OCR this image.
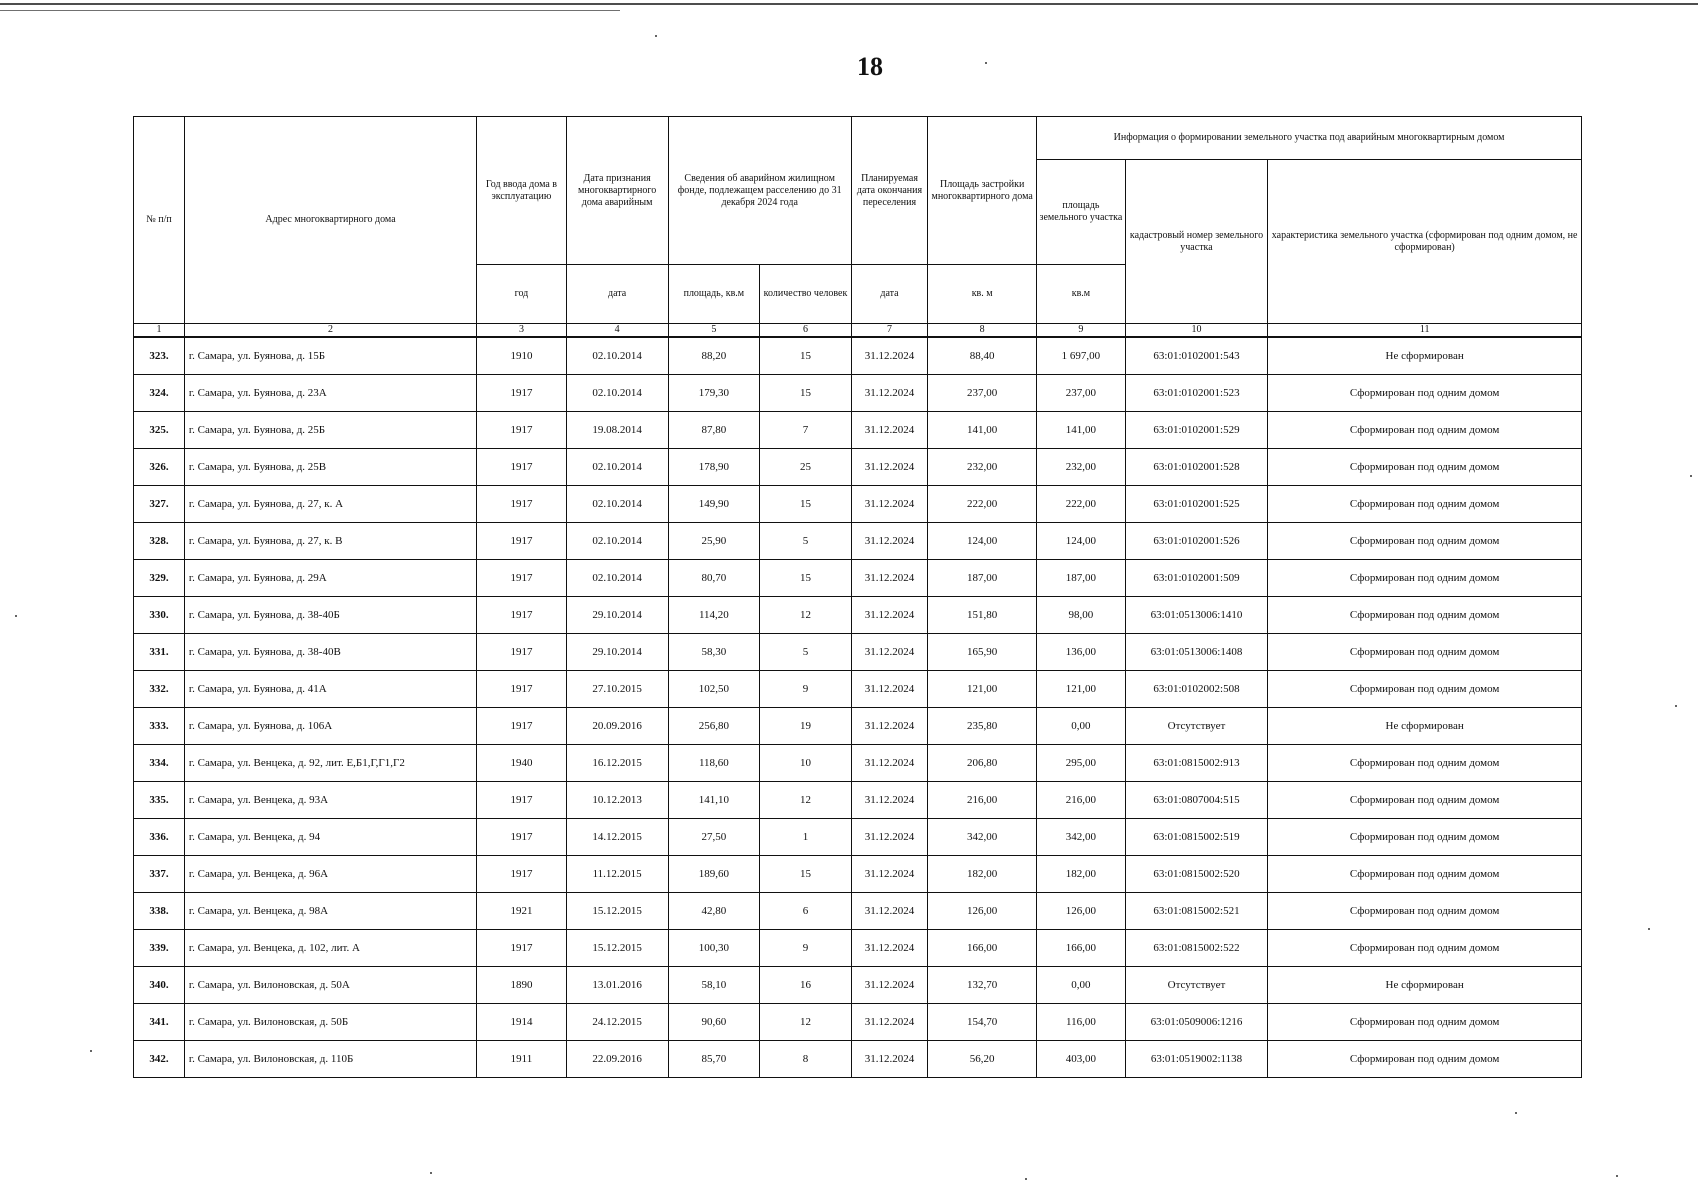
18
№ п/п	Адрес многоквартирного дома	Год ввода дома в эксплуатацию	Дата признания многоквартирного дома аварийным	Сведения об аварийном жилищном фонде, подлежащем расселению до 31 декабря 2024 года		Планируемая дата окончания переселения	Площадь застройки многоквартирного дома	Информация о формировании земельного участка под аварийным многоквартирным домом		
								площадь земельного участка	кадастровый номер земельного участка	характеристика земельного участка (сформирован под одним домом, не сформирован)
		год	дата	площадь, кв.м	количество человек	дата	кв. м	кв.м		
1	2	3	4	5	6	7	8	9	10	11
323.	г. Самара, ул. Буянова, д. 15Б	1910	02.10.2014	88,20	15	31.12.2024	88,40	1 697,00	63:01:0102001:543	Не сформирован
324.	г. Самара, ул. Буянова, д. 23А	1917	02.10.2014	179,30	15	31.12.2024	237,00	237,00	63:01:0102001:523	Сформирован под одним домом
325.	г. Самара, ул. Буянова, д. 25Б	1917	19.08.2014	87,80	7	31.12.2024	141,00	141,00	63:01:0102001:529	Сформирован под одним домом
326.	г. Самара, ул. Буянова, д. 25В	1917	02.10.2014	178,90	25	31.12.2024	232,00	232,00	63:01:0102001:528	Сформирован под одним домом
327.	г. Самара, ул. Буянова, д. 27, к. А	1917	02.10.2014	149,90	15	31.12.2024	222,00	222,00	63:01:0102001:525	Сформирован под одним домом
328.	г. Самара, ул. Буянова, д. 27, к. В	1917	02.10.2014	25,90	5	31.12.2024	124,00	124,00	63:01:0102001:526	Сформирован под одним домом
329.	г. Самара, ул. Буянова, д. 29А	1917	02.10.2014	80,70	15	31.12.2024	187,00	187,00	63:01:0102001:509	Сформирован под одним домом
330.	г. Самара, ул. Буянова, д. 38-40Б	1917	29.10.2014	114,20	12	31.12.2024	151,80	98,00	63:01:0513006:1410	Сформирован под одним домом
331.	г. Самара, ул. Буянова, д. 38-40В	1917	29.10.2014	58,30	5	31.12.2024	165,90	136,00	63:01:0513006:1408	Сформирован под одним домом
332.	г. Самара, ул. Буянова, д. 41А	1917	27.10.2015	102,50	9	31.12.2024	121,00	121,00	63:01:0102002:508	Сформирован под одним домом
333.	г. Самара, ул. Буянова, д. 106А	1917	20.09.2016	256,80	19	31.12.2024	235,80	0,00	Отсутствует	Не сформирован
334.	г. Самара, ул. Венцека, д. 92, лит. Е,Б1,Г,Г1,Г2	1940	16.12.2015	118,60	10	31.12.2024	206,80	295,00	63:01:0815002:913	Сформирован под одним домом
335.	г. Самара, ул. Венцека, д. 93А	1917	10.12.2013	141,10	12	31.12.2024	216,00	216,00	63:01:0807004:515	Сформирован под одним домом
336.	г. Самара, ул. Венцека, д. 94	1917	14.12.2015	27,50	1	31.12.2024	342,00	342,00	63:01:0815002:519	Сформирован под одним домом
337.	г. Самара, ул. Венцека, д. 96А	1917	11.12.2015	189,60	15	31.12.2024	182,00	182,00	63:01:0815002:520	Сформирован под одним домом
338.	г. Самара, ул. Венцека, д. 98А	1921	15.12.2015	42,80	6	31.12.2024	126,00	126,00	63:01:0815002:521	Сформирован под одним домом
339.	г. Самара, ул. Венцека, д. 102, лит. А	1917	15.12.2015	100,30	9	31.12.2024	166,00	166,00	63:01:0815002:522	Сформирован под одним домом
340.	г. Самара, ул. Вилоновская, д. 50А	1890	13.01.2016	58,10	16	31.12.2024	132,70	0,00	Отсутствует	Не сформирован
341.	г. Самара, ул. Вилоновская, д. 50Б	1914	24.12.2015	90,60	12	31.12.2024	154,70	116,00	63:01:0509006:1216	Сформирован под одним домом
342.	г. Самара, ул. Вилоновская, д. 110Б	1911	22.09.2016	85,70	8	31.12.2024	56,20	403,00	63:01:0519002:1138	Сформирован под одним домом
